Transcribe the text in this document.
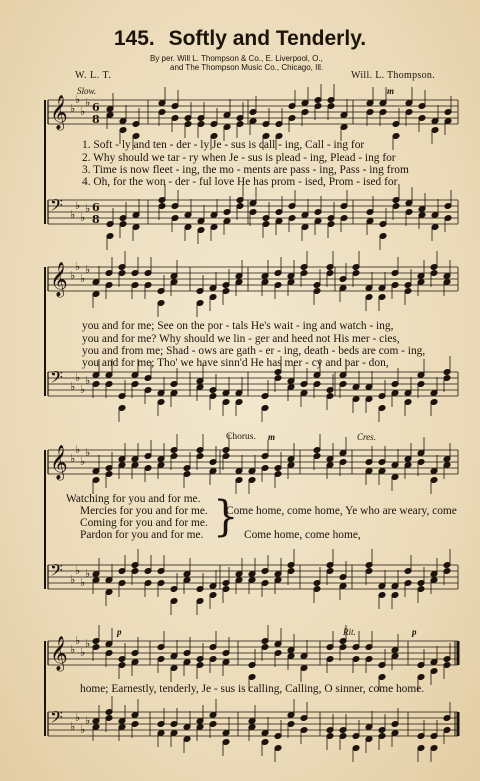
145. Softly and Tenderly.
By per. Will L. Thompson & Co., E. Liverpool, O.,
and The Thompson Music Co., Chicago, Ill.
W. L. T.	Will. L. Thompson.
𝄞 ♭
♭
♭
♭ 6
8
𝄢 ♭
♭
♭
♭ 6
8
𝄞 ♭
♭
♭
♭
𝄢 ♭
♭
♭
♭
𝄞 ♭
♭
♭
♭
𝄢 ♭
♭
♭
♭
𝄞 ♭
♭
♭
♭
𝄢 ♭
♭
♭
♭
Slow.	m
Chorus. m	Cres.
p	Rit.	p
1. Soft - ly and ten - der - ly Je - sus is call - ing, Call - ing for
2. Why should we tar - ry when Je - sus is plead - ing, Plead - ing for
3. Time is now fleet - ing, the mo - ments are pass - ing, Pass - ing from
4. Oh, for the won - der - ful love He has prom - ised, Prom - ised for
you and for me; See on the por - tals He's wait - ing and watch - ing,
you and for me? Why should we lin - ger and heed not His mer - cies,
you and from me; Shad - ows are gath - er - ing, death - beds are com - ing,
you and for me; Tho' we have sinn'd He has mer - cy and par - don,
Watching for you and for me.
Mercies for you and for me.
Coming for you and for me.
Pardon for you and for me. }
Come home, come home, Ye who are weary, come
Come home, come home,
home; Earnestly, tenderly, Je - sus is calling, Calling, O sinner, come home.
